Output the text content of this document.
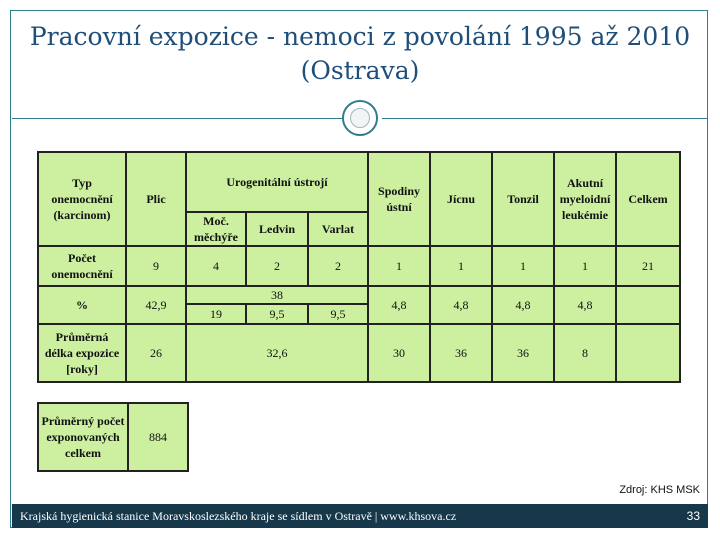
Pracovní expozice - nemoci z povolání 1995 až 2010 (Ostrava)
Typ onemocnění (karcinom)	Plic	Urogenitální ústrojí			Spodiny ústní	Jícnu	Tonzil	Akutní myeloidní leukémie	Celkem
		Moč. měchýře	Ledvin	Varlat					
Počet onemocnění	9	4	2	2	1	1	1	1	21
%	42,9	38			4,8	4,8	4,8	4,8	
		19	9,5	9,5					
Průměrná délka expozice [roky]	26	32,6			30	36	36	8	
Průměrný počet exponovaných celkem	884
Zdroj: KHS MSK
Krajská hygienická stanice Moravskoslezského kraje se sídlem v Ostravě | www.khsova.cz	33
